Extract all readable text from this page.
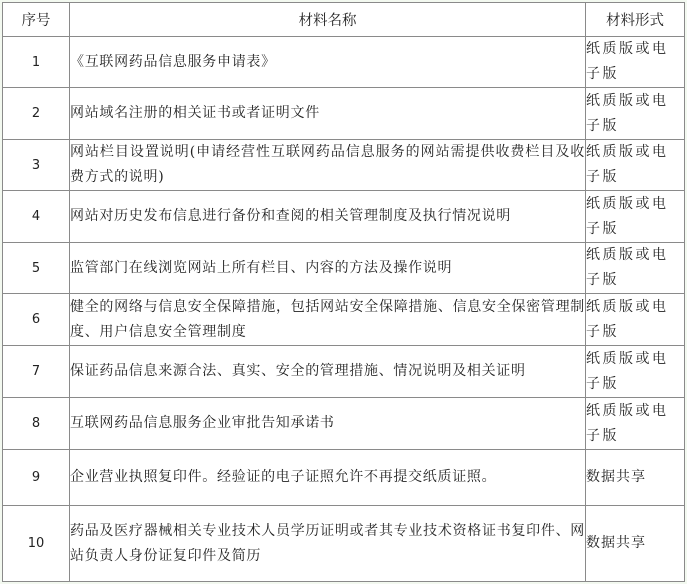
序号	材料名称	材料形式
1	《互联网药品信息服务申请表》	纸质版或电子版
2	网站域名注册的相关证书或者证明文件	纸质版或电子版
3	网站栏目设置说明(申请经营性互联网药品信息服务的网站需提供收费栏目及收费方式的说明)	纸质版或电子版
4	网站对历史发布信息进行备份和查阅的相关管理制度及执行情况说明	纸质版或电子版
5	监管部门在线浏览网站上所有栏目、内容的方法及操作说明	纸质版或电子版
6	健全的网络与信息安全保障措施，包括网站安全保障措施、信息安全保密管理制度、用户信息安全管理制度	纸质版或电子版
7	保证药品信息来源合法、真实、安全的管理措施、情况说明及相关证明	纸质版或电子版
8	互联网药品信息服务企业审批告知承诺书	纸质版或电子版
9	企业营业执照复印件。经验证的电子证照允许不再提交纸质证照。	数据共享
10	药品及医疗器械相关专业技术人员学历证明或者其专业技术资格证书复印件、网站负责人身份证复印件及简历	数据共享
